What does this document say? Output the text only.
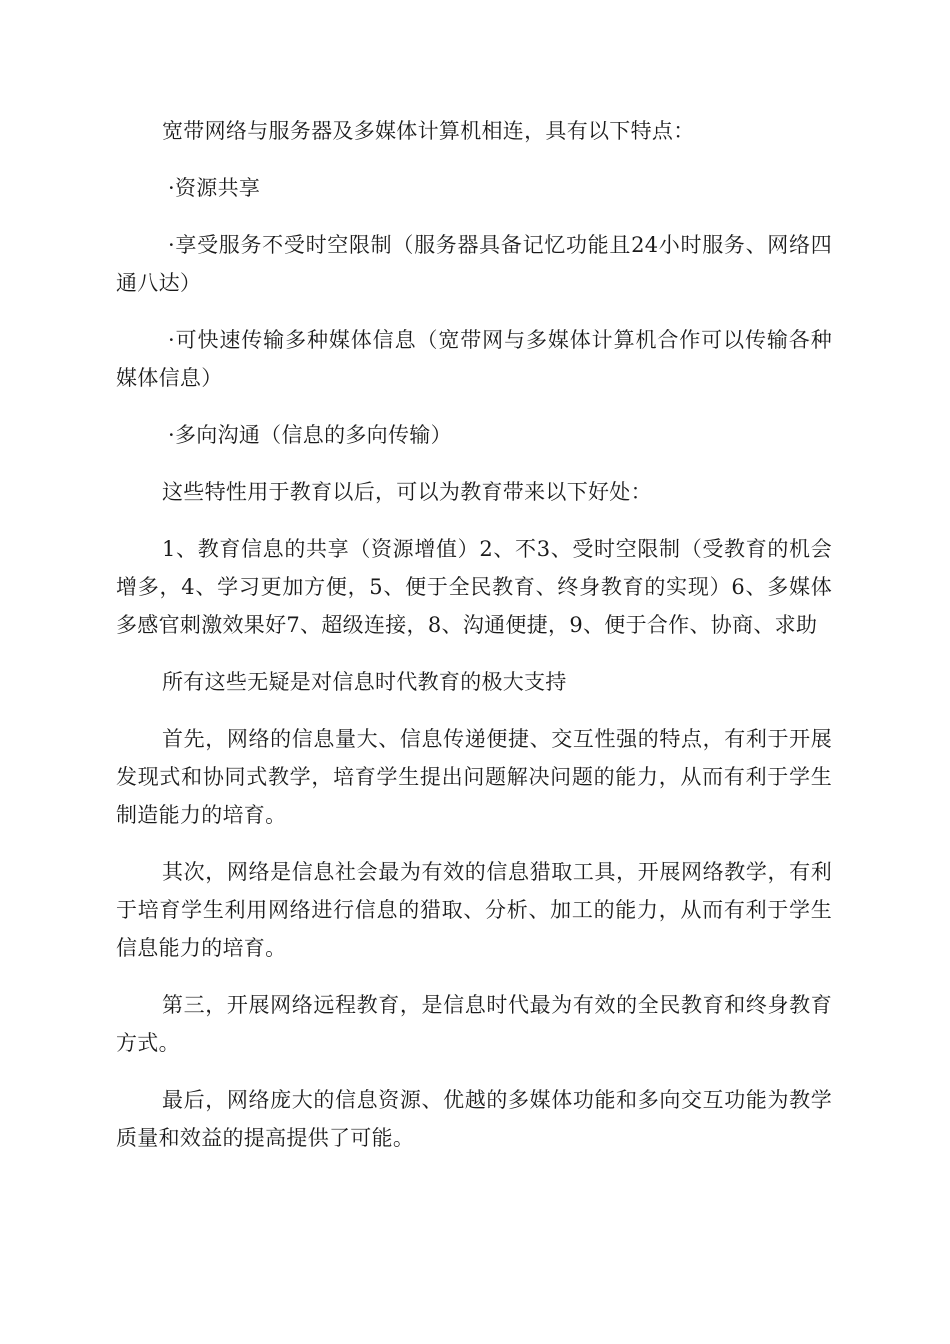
宽带网络与服务器及多媒体计算机相连，具有以下特点：

·资源共享

·享受服务不受时空限制（服务器具备记忆功能且24小时服务、网络四通八达）

·可快速传输多种媒体信息（宽带网与多媒体计算机合作可以传输各种媒体信息）

·多向沟通（信息的多向传输）

这些特性用于教育以后，可以为教育带来以下好处：

1、教育信息的共享（资源增值）2、不3、受时空限制（受教育的机会增多，4、学习更加方便，5、便于全民教育、终身教育的实现）6、多媒体多感官刺激效果好7、超级连接，8、沟通便捷，9、便于合作、协商、求助

所有这些无疑是对信息时代教育的极大支持

首先，网络的信息量大、信息传递便捷、交互性强的特点，有利于开展发现式和协同式教学，培育学生提出问题解决问题的能力，从而有利于学生制造能力的培育。

其次，网络是信息社会最为有效的信息猎取工具，开展网络教学，有利于培育学生利用网络进行信息的猎取、分析、加工的能力，从而有利于学生信息能力的培育。

第三，开展网络远程教育，是信息时代最为有效的全民教育和终身教育方式。

最后，网络庞大的信息资源、优越的多媒体功能和多向交互功能为教学质量和效益的提高提供了可能。
